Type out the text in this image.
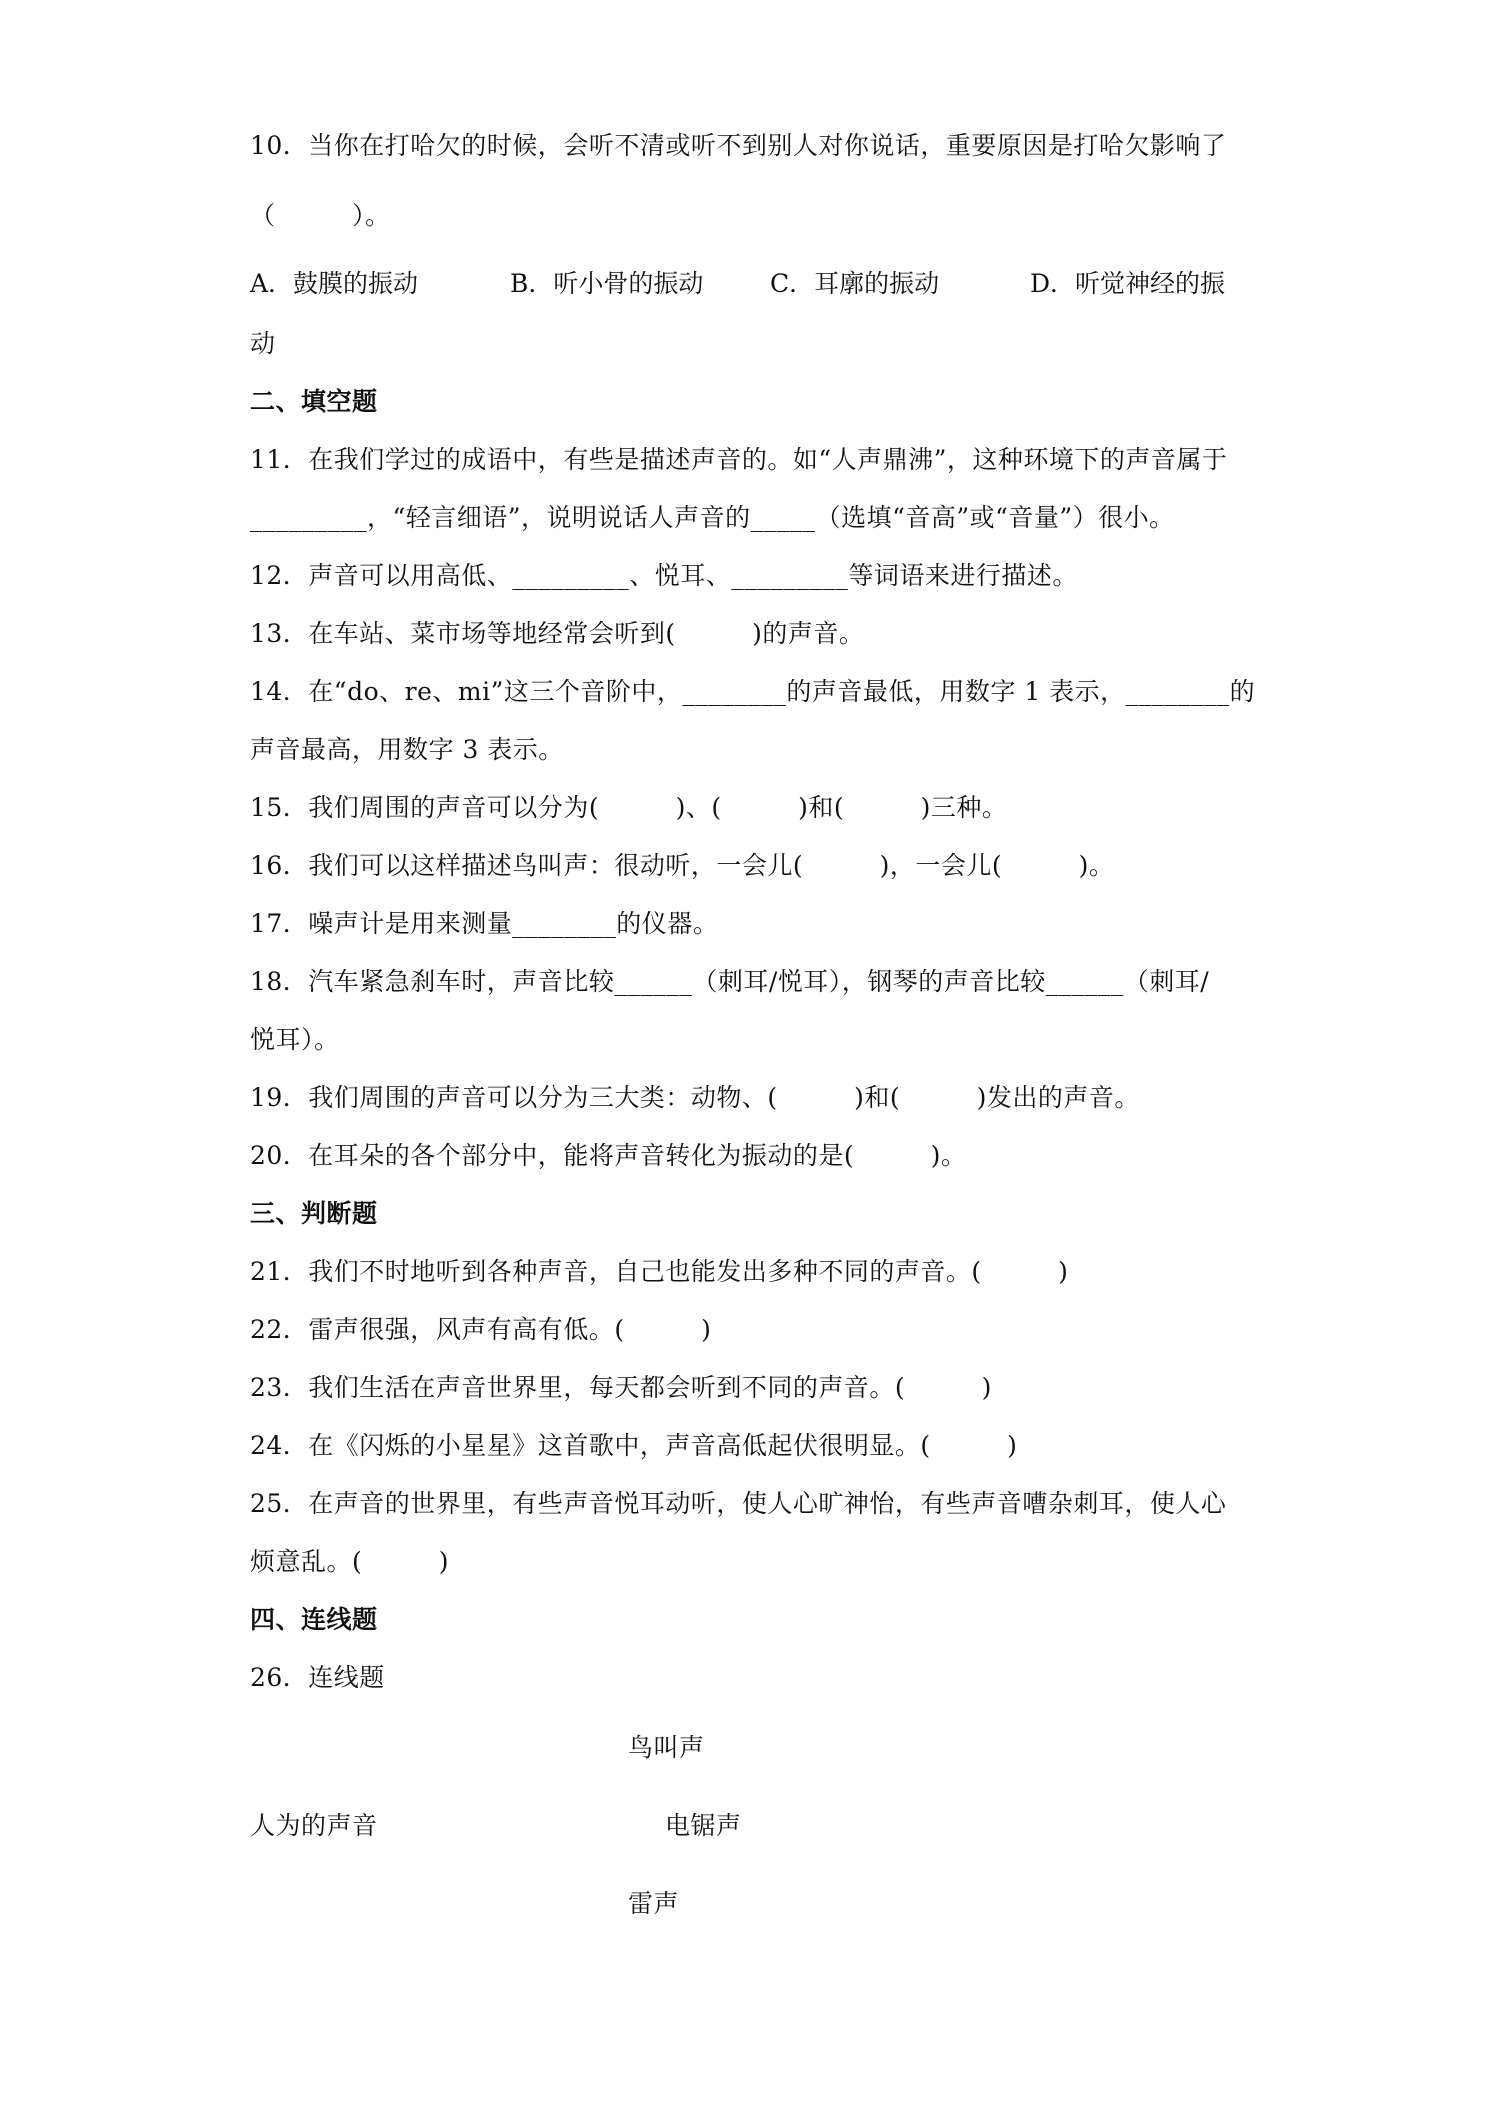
10．当你在打哈欠的时候，会听不清或听不到别人对你说话，重要原因是打哈欠影响了
（　　　）。
A．鼓膜的振动	B．听小骨的振动	C．耳廓的振动	D．听觉神经的振
动
二、填空题
11．在我们学过的成语中，有些是描述声音的。如“人声鼎沸”，这种环境下的声音属于
_________，“轻言细语”，说明说话人声音的_____（选填“音高”或“音量”）很小。
12．声音可以用高低、_________、悦耳、_________等词语来进行描述。
13．在车站、菜市场等地经常会听到(　　　)的声音。
14．在“do、re、mi”这三个音阶中，________的声音最低，用数字 1 表示，________的
声音最高，用数字 3 表示。
15．我们周围的声音可以分为(　　　)、(　　　)和(　　　)三种。
16．我们可以这样描述鸟叫声：很动听，一会儿(　　　)，一会儿(　　　)。
17．噪声计是用来测量________的仪器。
18．汽车紧急刹车时，声音比较______（刺耳/悦耳），钢琴的声音比较______（刺耳/
悦耳）。
19．我们周围的声音可以分为三大类：动物、(　　　)和(　　　)发出的声音。
20．在耳朵的各个部分中，能将声音转化为振动的是(　　　)。
三、判断题
21．我们不时地听到各种声音，自己也能发出多种不同的声音。(　　　)
22．雷声很强，风声有高有低。(　　　)
23．我们生活在声音世界里，每天都会听到不同的声音。(　　　)
24．在《闪烁的小星星》这首歌中，声音高低起伏很明显。(　　　)
25．在声音的世界里，有些声音悦耳动听，使人心旷神怡，有些声音嘈杂刺耳，使人心
烦意乱。(　　　)
四、连线题
26．连线题
鸟叫声
人为的声音	电锯声
雷声
